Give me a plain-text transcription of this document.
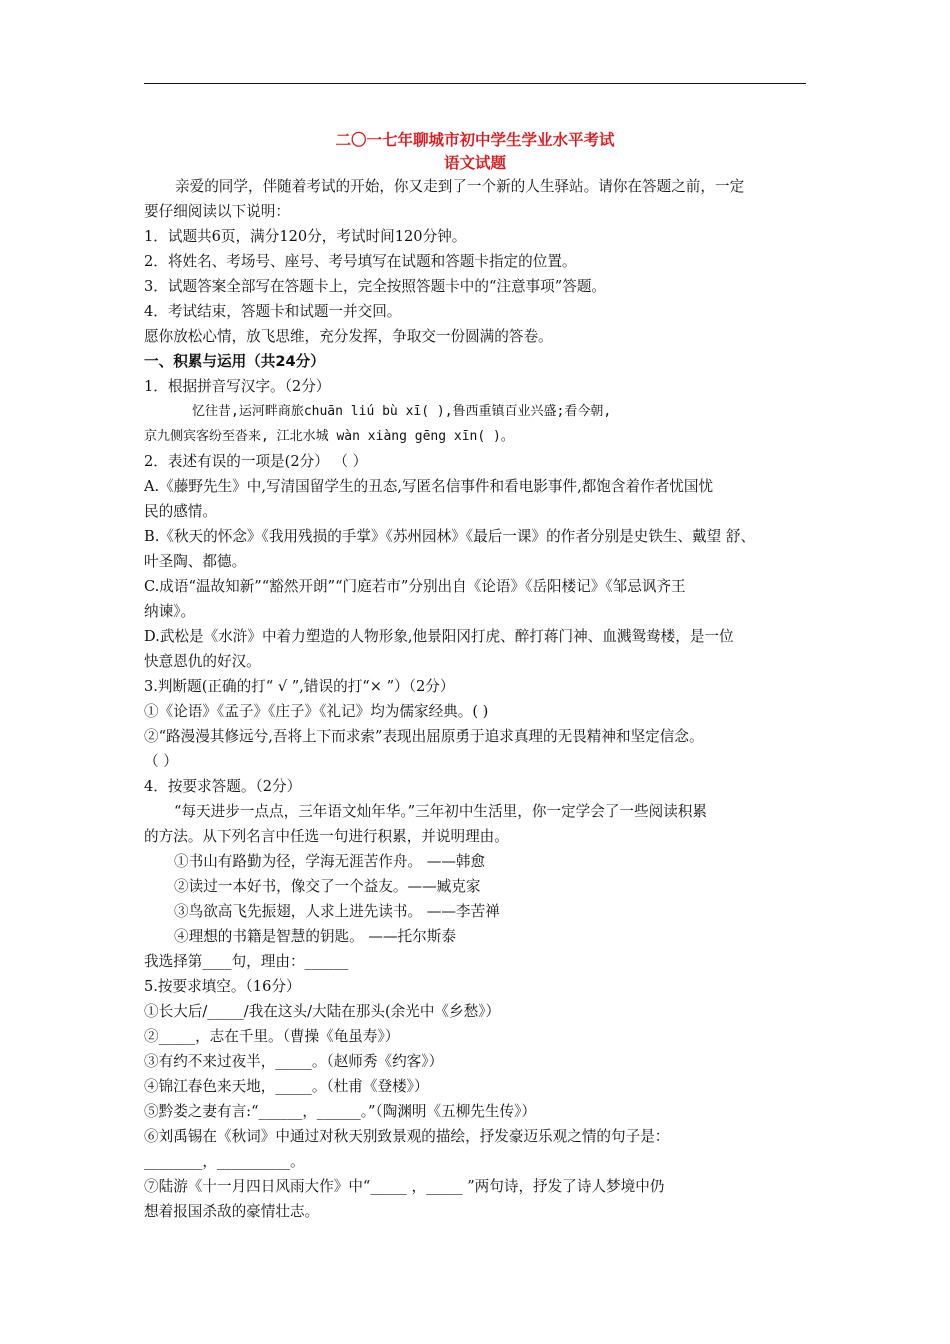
二〇一七年聊城市初中学生学业水平考试
语文试题
亲爱的同学，伴随着考试的开始，你又走到了一个新的人生驿站。请你在答题之前，一定
要仔细阅读以下说明：
1．试题共6页，满分120分，考试时间120分钟。
2．将姓名、考场号、座号、考号填写在试题和答题卡指定的位置。
3．试题答案全部写在答题卡上，完全按照答题卡中的“注意事项”答题。
4．考试结束，答题卡和试题一并交回。
愿你放松心情，放飞思维，充分发挥，争取交一份圆满的答卷。
一、积累与运用（共24分）
1．根据拼音写汉字。（2分）
忆往昔,运河畔商旅chuān liú bù xī( ),鲁西重镇百业兴盛;看今朝,
京九侧宾客纷至沓来, 江北水城 wàn xiàng gēng xīn( )。
2．表述有误的一项是(2分） （ ）
A.《藤野先生》中,写清国留学生的丑态,写匿名信事件和看电影事件,都饱含着作者忧国忧
民的感情。
B.《秋天的怀念》《我用残损的手掌》《苏州园林》《最后一课》的作者分别是史铁生、戴望 舒、
叶圣陶、都德。
C.成语“温故知新”“豁然开朗”“门庭若市”分别出自《论语》《岳阳楼记》《邹忌讽齐王
纳谏》。
D.武松是《水浒》中着力塑造的人物形象,他景阳冈打虎、醉打蒋门神、血溅鸳鸯楼，是一位
快意恩仇的好汉。
3.判断题(正确的打“ √ ”,错误的打“× ”）（2分）
①《论语》《孟子》《庄子》《礼记》均为儒家经典。( )
②“路漫漫其修远兮,吾将上下而求索”表现出屈原勇于追求真理的无畏精神和坚定信念。
（ ）
4．按要求答题。（2分）
“每天进步一点点，三年语文灿年华。”三年初中生活里，你一定学会了一些阅读积累
的方法。从下列名言中任选一句进行积累，并说明理由。
①书山有路勤为径，学海无涯苦作舟。 ——韩愈
②读过一本好书，像交了一个益友。——臧克家
③鸟欲高飞先振翅，人求上进先读书。 ——李苦禅
④理想的书籍是智慧的钥匙。 ——托尔斯泰
我选择第____句，理由：______
5.按要求填空。（16分）
①长大后/_____/我在这头/大陆在那头(余光中《乡愁》）
②_____，志在千里。（曹操《龟虽寿》）
③有约不来过夜半，_____。（赵师秀《约客》）
④锦江春色来天地，_____。（杜甫《登楼》）
⑤黔娄之妻有言:“______，______。”（陶渊明《五柳先生传》）
⑥刘禹锡在《秋词》中通过对秋天别致景观的描绘，抒发豪迈乐观之情的句子是：
________，__________。
⑦陆游《十一月四日风雨大作》中“_____ ，_____ ”两句诗，抒发了诗人梦境中仍
想着报国杀敌的豪情壮志。
